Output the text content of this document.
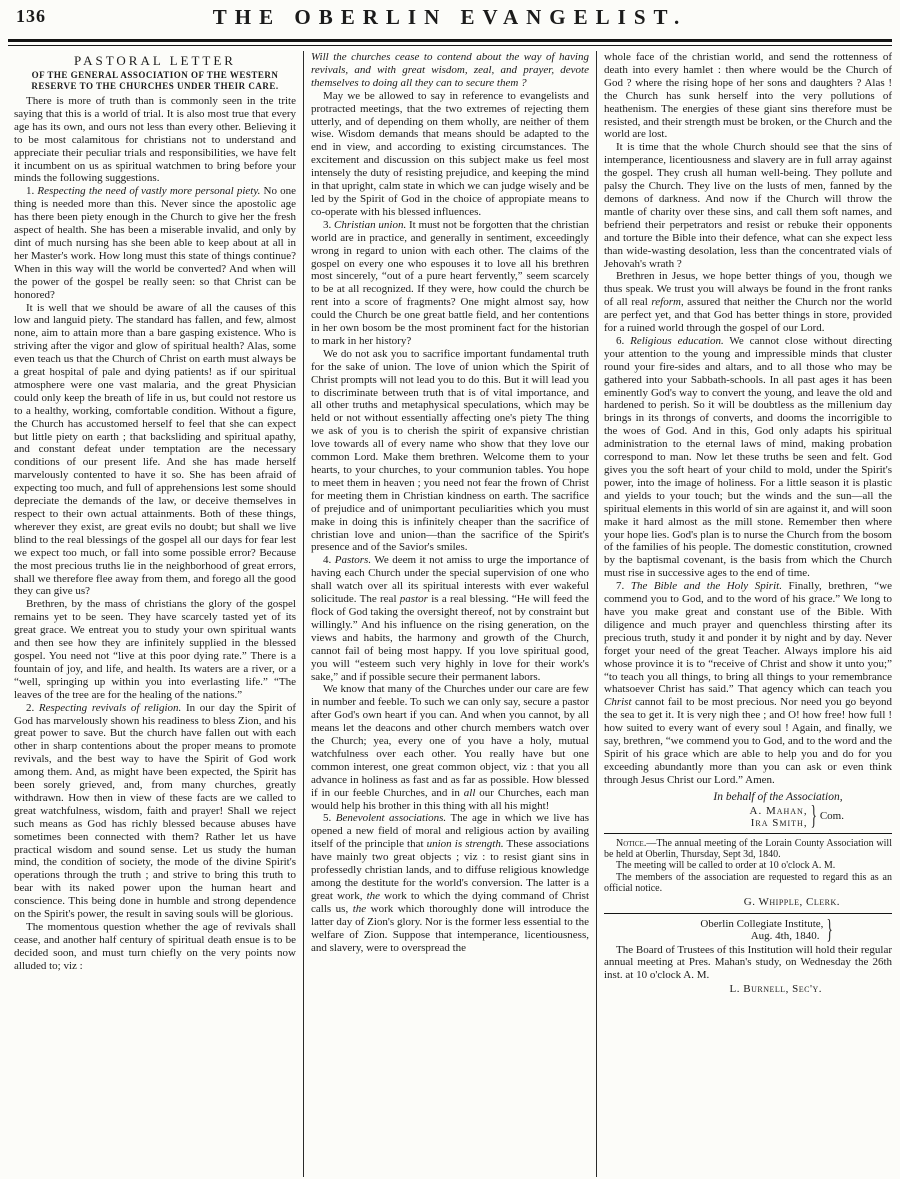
136	THE OBERLIN EVANGELIST.

PASTORAL LETTER

OF THE GENERAL ASSOCIATION OF THE WESTERN RESERVE TO THE CHURCHES UNDER THEIR CARE.

There is more of truth than is commonly seen in the trite saying that this is a world of trial. It is also most true that every age has its own, and ours not less than every other. Believing it to be most calamitous for christians not to understand and appreciate their peculiar trials and responsibilities, we have felt it incumbent on us as spiritual watchmen to bring before your minds the following suggestions.

1. Respecting the need of vastly more personal piety. No one thing is needed more than this. Never since the apostolic age has there been piety enough in the Church to give her the fresh aspect of health. She has been a miserable invalid, and only by dint of much nursing has she been able to keep about at all in her Master's work. How long must this state of things continue? When in this way will the world be converted? And when will the power of the gospel be really seen: so that Christ can be honored?

It is well that we should be aware of all the causes of this low and languid piety. The standard has fallen, and few, almost none, aim to attain more than a bare gasping existence. Who is striving after the vigor and glow of spiritual health? Alas, some even teach us that the Church of Christ on earth must always be a great hospital of pale and dying patients! as if our spiritual atmosphere were one vast malaria, and the great Physician could only keep the breath of life in us, but could not restore us to a healthy, working, comfortable condition. Without a figure, the Church has accustomed herself to feel that she can expect but little piety on earth ; that backsliding and spiritual apathy, and constant defeat under temptation are the necessary conditions of our present life. And she has made herself marvelously contented to have it so. She has been afraid of expecting too much, and full of apprehensions lest some should depreciate the demands of the law, or deceive themselves in respect to their own actual attainments. Both of these things, wherever they exist, are great evils no doubt; but shall we live blind to the real blessings of the gospel all our days for fear lest we expect too much, or fall into some possible error? Because the most precious truths lie in the neighborhood of great errors, shall we therefore flee away from them, and forego all the good they can give us?

Brethren, by the mass of christians the glory of the gospel remains yet to be seen. They have scarcely tasted yet of its great grace. We entreat you to study your own spiritual wants and then see how they are infinitely supplied in the blessed gospel. You need not “live at this poor dying rate.” There is a fountain of joy, and life, and health. Its waters are a river, or a “well, springing up within you into everlasting life.” “The leaves of the tree are for the healing of the nations.”

2. Respecting revivals of religion. In our day the Spirit of God has marvelously shown his readiness to bless Zion, and his great power to save. But the church have fallen out with each other in sharp contentions about the proper means to promote revivals, and the best way to have the Spirit of God work among them. And, as might have been expected, the Spirit has been sorely grieved, and, from many churches, greatly withdrawn. How then in view of these facts are we called to great watchfulness, wisdom, faith and prayer! Shall we reject such means as God has richly blessed because abuses have sometimes been connected with them? Rather let us have practical wisdom and sound sense. Let us study the human mind, the condition of society, the mode of the divine Spirit's operations through the truth ; and strive to bring this truth to bear with its naked power upon the human heart and conscience. This being done in humble and strong dependence on the Spirit's power, the result in saving souls will be glorious.

The momentous question whether the age of revivals shall cease, and another half century of spiritual death ensue is to be decided soon, and must turn chiefly on the very points now alluded to; viz :

Will the churches cease to contend about the way of having revivals, and with great wisdom, zeal, and prayer, devote themselves to doing all they can to secure them ?

May we be allowed to say in reference to evangelists and protracted meetings, that the two extremes of rejecting them utterly, and of depending on them wholly, are neither of them wise. Wisdom demands that means should be adapted to the end in view, and according to existing circumstances. The excitement and discussion on this subject make us feel most intensely the duty of resisting prejudice, and keeping the mind in that upright, calm state in which we can judge wisely and be led by the Spirit of God in the choice of appropiate means to co-operate with his blessed influences.

3. Christian union. It must not be forgotten that the christian world are in practice, and generally in sentiment, exceedingly wrong in regard to union with each other. The claims of the gospel on every one who espouses it to love all his brethren most sincerely, “out of a pure heart fervently,” seem scarcely to be at all recognized. If they were, how could the church be rent into a score of fragments? One might almost say, how could the Church be one great battle field, and her contentions in her own bosom be the most prominent fact for the historian to mark in her history?

We do not ask you to sacrifice important fundamental truth for the sake of union. The love of union which the Spirit of Christ prompts will not lead you to do this. But it will lead you to discriminate between truth that is of vital importance, and all other truths and metaphysical speculations, which may be held or not without essentially affecting one's piety The thing we ask of you is to cherish the spirit of expansive christian love towards all of every name who show that they love our common Lord. Make them brethren. Welcome them to your hearts, to your churches, to your communion tables. You hope to meet them in heaven ; you need not fear the frown of Christ for meeting them in Christian kindness on earth. The sacrifice of prejudice and of unimportant peculiarities which you must make in doing this is infinitely cheaper than the sacrifice of christian love and union—than the sacrifice of the Spirit's presence and of the Savior's smiles.

4. Pastors. We deem it not amiss to urge the importance of having each Church under the special supervision of one who shall watch over all its spiritual interests with ever wakeful solicitude. The real pastor is a real blessing. “He will feed the flock of God taking the oversight thereof, not by constraint but willingly.” And his influence on the rising generation, on the views and habits, the harmony and growth of the Church, cannot fail of being most happy. If you love spiritual good, you will “esteem such very highly in love for their work's sake,” and if possible secure their permanent labors.

We know that many of the Churches under our care are few in number and feeble. To such we can only say, secure a pastor after God's own heart if you can. And when you cannot, by all means let the deacons and other church members watch over the Church; yea, every one of you have a holy, mutual watchfulness over each other. You really have but one common interest, one great common object, viz : that you all advance in holiness as fast and as far as possible. How blessed if in our feeble Churches, and in all our Churches, each man would help his brother in this thing with all his might!

5. Benevolent associations. The age in which we live has opened a new field of moral and religious action by availing itself of the principle that union is strength. These associations have mainly two great objects ; viz : to resist giant sins in professedly christian lands, and to diffuse religious knowledge among the destitute for the world's conversion. The latter is a great work, the work to which the dying command of Christ calls us, the work which thoroughly done will introduce the latter day of Zion's glory. Nor is the former less essential to the welfare of Zion. Suppose that intemperance, licentiousness, and slavery, were to overspread the

whole face of the christian world, and send the rottenness of death into every hamlet : then where would be the Church of God ? where the rising hope of her sons and daughters ? Alas ! the Church has sunk herself into the very pollutions of heathenism. The energies of these giant sins therefore must be resisted, and their strength must be broken, or the Church and the world are lost.

It is time that the whole Church should see that the sins of intemperance, licentiousness and slavery are in full array against the gospel. They crush all human well-being. They pollute and palsy the Church. They live on the lusts of men, fanned by the demons of darkness. And now if the Church will throw the mantle of charity over these sins, and call them soft names, and befriend their perpetrators and resist or rebuke their opponents and torture the Bible into their defence, what can she expect less than wide-wasting desolation, less than the concentrated vials of Jehovah's wrath ?

Brethren in Jesus, we hope better things of you, though we thus speak. We trust you will always be found in the front ranks of all real reform, assured that neither the Church nor the world are perfect yet, and that God has better things in store, provided for a ruined world through the gospel of our Lord.

6. Religious education. We cannot close without directing your attention to the young and impressible minds that cluster round your fire-sides and altars, and to all those who may be gathered into your Sabbath-schools. In all past ages it has been eminently God's way to convert the young, and leave the old and hardened to perish. So it will be doubtless as the millenium day brings in its throngs of converts, and dooms the incorrigible to the woes of God. And in this, God only adapts his spiritual administration to the eternal laws of mind, making probation correspond to man. Now let these truths be seen and felt. God gives you the soft heart of your child to mold, under the Spirit's power, into the image of holiness. For a little season it is plastic and yields to your touch; but the winds and the sun—all the spiritual elements in this world of sin are against it, and will soon make it hard almost as the mill stone. Remember then where your hope lies. God's plan is to nurse the Church from the bosom of the families of his people. The domestic constitution, crowned by the baptismal covenant, is the basis from which the Church must rise in successive ages to the end of time.

7. The Bible and the Holy Spirit. Finally, brethren, “we commend you to God, and to the word of his grace.” We long to have you make great and constant use of the Bible. With diligence and much prayer and quenchless thirsting after its precious truth, study it and ponder it by night and by day. Never forget your need of the great Teacher. Always implore his aid whose province it is to “receive of Christ and show it unto you;” “to teach you all things, to bring all things to your remembrance whatsoever Christ has said.” That agency which can teach you Christ cannot fail to be most precious. Nor need you go beyond the sea to get it. It is very nigh thee ; and O! how free! how full ! how suited to every want of every soul ! Again, and finally, we say, brethren, “we commend you to God, and to the word and the Spirit of his grace which are able to help you and do for you exceeding abundantly more than you can ask or even think through Jesus Christ our Lord.” Amen.

In behalf of the Association,

A. Mahan,
Ira Smith, } Com.

Notice.—The annual meeting of the Lorain County Association will be held at Oberlin, Thursday, Sept 3d, 1840.

The meeting will be called to order at 10 o'clock A. M.

The members of the association are requested to regard this as an official notice.

G. Whipple, Clerk.

Oberlin Collegiate Institute,
Aug. 4th, 1840. }

The Board of Trustees of this Institution will hold their regular annual meeting at Pres. Mahan's study, on Wednesday the 26th inst. at 10 o'clock A. M.

L. Burnell, Sec'y.
